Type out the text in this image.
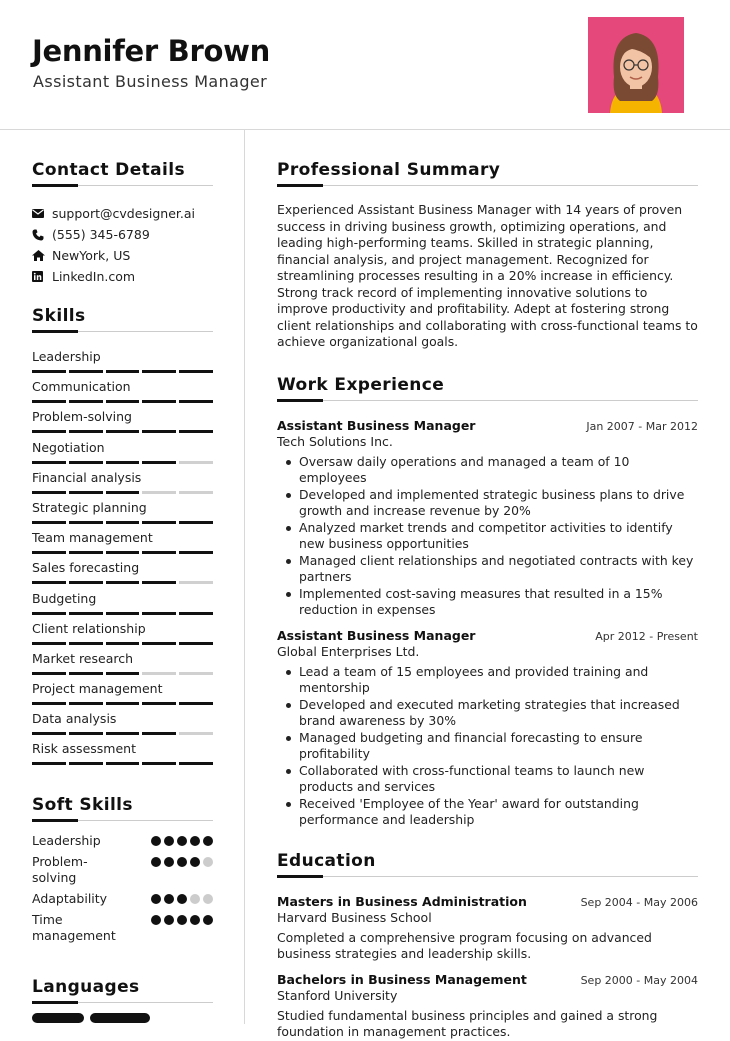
Jennifer Brown
Assistant Business Manager
Contact Details
support@cvdesigner.ai
(555) 345-6789
NewYork, US
LinkedIn.com
Skills
Leadership
Communication
Problem-solving
Negotiation
Financial analysis
Strategic planning
Team management
Sales forecasting
Budgeting
Client relationship
Market research
Project management
Data analysis
Risk assessment
Soft Skills
Leadership
Problem-solving
Adaptability
Time management
Languages
Professional Summary

Experienced Assistant Business Manager with 14 years of proven success in driving business growth, optimizing operations, and leading high-performing teams. Skilled in strategic planning, financial analysis, and project management. Recognized for streamlining processes resulting in a 20% increase in efficiency. Strong track record of implementing innovative solutions to improve productivity and profitability. Adept at fostering strong client relationships and collaborating with cross-functional teams to achieve organizational goals.

Work Experience
Assistant Business Manager	Jan 2007 - Mar 2012
Tech Solutions Inc.
Oversaw daily operations and managed a team of 10 employees
Developed and implemented strategic business plans to drive growth and increase revenue by 20%
Analyzed market trends and competitor activities to identify new business opportunities
Managed client relationships and negotiated contracts with key partners
Implemented cost-saving measures that resulted in a 15% reduction in expenses
Assistant Business Manager	Apr 2012 - Present
Global Enterprises Ltd.
Lead a team of 15 employees and provided training and mentorship
Developed and executed marketing strategies that increased brand awareness by 30%
Managed budgeting and financial forecasting to ensure profitability
Collaborated with cross-functional teams to launch new products and services
Received 'Employee of the Year' award for outstanding performance and leadership
Education
Masters in Business Administration	Sep 2004 - May 2006
Harvard Business School

Completed a comprehensive program focusing on advanced business strategies and leadership skills.

Bachelors in Business Management	Sep 2000 - May 2004
Stanford University

Studied fundamental business principles and gained a strong foundation in management practices.
